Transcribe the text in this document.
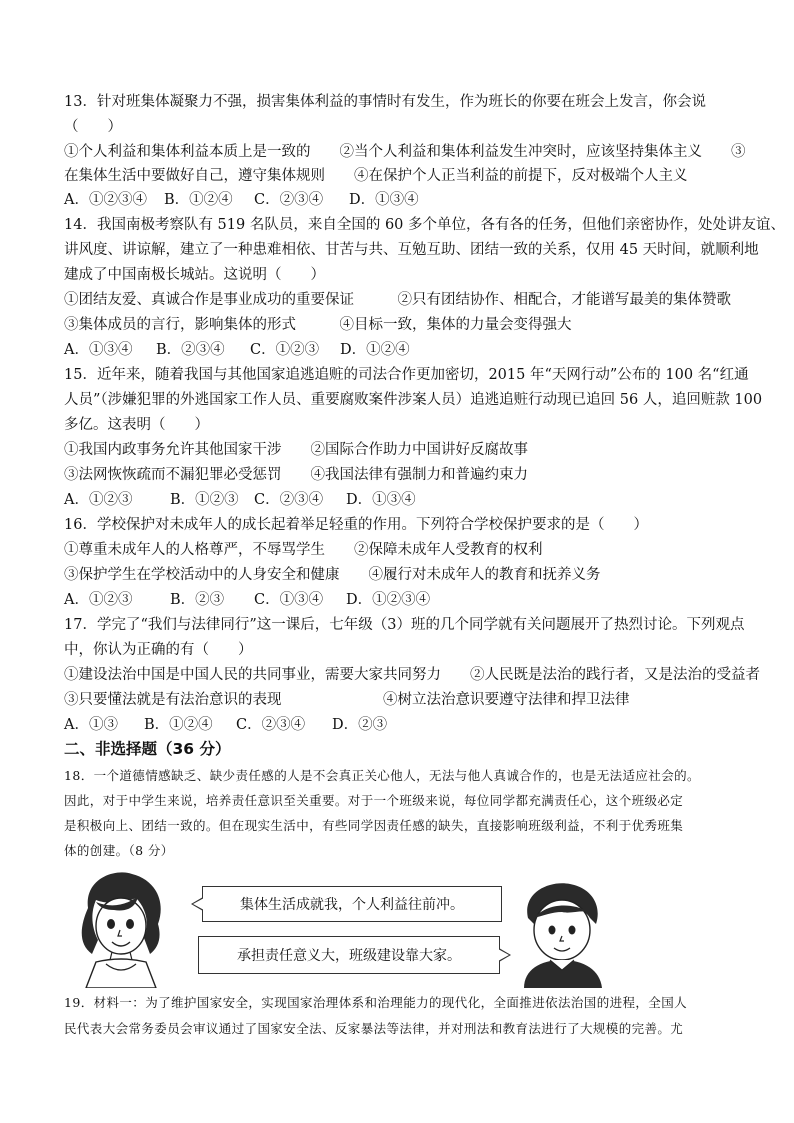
13．针对班集体凝聚力不强，损害集体利益的事情时有发生，作为班长的你要在班会上发言，你会说
（　　）
①个人利益和集体利益本质上是一致的　　②当个人利益和集体利益发生冲突时，应该坚持集体主义　　③
在集体生活中要做好自己，遵守集体规则　　④在保护个人正当利益的前提下，反对极端个人主义
A．①②③④ B．①②④ C．②③④ D．①③④
14．我国南极考察队有 519 名队员，来自全国的 60 多个单位，各有各的任务，但他们亲密协作，处处讲友谊、
讲风度、讲谅解，建立了一种患难相依、甘苦与共、互勉互助、团结一致的关系，仅用 45 天时间，就顺利地
建成了中国南极长城站。这说明（　　）
①团结友爱、真诚合作是事业成功的重要保证　　　②只有团结协作、相配合，才能谱写最美的集体赞歌
③集体成员的言行，影响集体的形式　　　④目标一致，集体的力量会变得强大
A．①③④ B．②③④ C．①②③ D．①②④
15．近年来，随着我国与其他国家追逃追赃的司法合作更加密切，2015 年“天网行动”公布的 100 名“红通
人员”（涉嫌犯罪的外逃国家工作人员、重要腐败案件涉案人员）追逃追赃行动现已追回 56 人，追回赃款 100
多亿。这表明（　　）
①我国内政事务允许其他国家干涉　　②国际合作助力中国讲好反腐故事
③法网恢恢疏而不漏犯罪必受惩罚　　④我国法律有强制力和普遍约束力
A．①②③	B．①②③ C．②③④ D．①③④
16．学校保护对未成年人的成长起着举足轻重的作用。下列符合学校保护要求的是（　　）
①尊重未成年人的人格尊严，不辱骂学生　　②保障未成年人受教育的权利
③保护学生在学校活动中的人身安全和健康　　④履行对未成年人的教育和抚养义务
A．①②③	B．②③ C．①③④ D．①②③④
17．学完了“我们与法律同行”这一课后，七年级（3）班的几个同学就有关问题展开了热烈讨论。下列观点
中，你认为正确的有（　　）
①建设法治中国是中国人民的共同事业，需要大家共同努力　　②人民既是法治的践行者，又是法治的受益者
③只要懂法就是有法治意识的表现　　　　　　　④树立法治意识要遵守法律和捍卫法律
A．①③ B．①②④ C．②③④ D．②③
二、非选择题（36 分）
18．一个道德情感缺乏、缺少责任感的人是不会真正关心他人，无法与他人真诚合作的，也是无法适应社会的。
因此，对于中学生来说，培养责任意识至关重要。对于一个班级来说，每位同学都充满责任心，这个班级必定
是积极向上、团结一致的。但在现实生活中，有些同学因责任感的缺失，直接影响班级利益，不利于优秀班集
体的创建。（8 分）
集体生活成就我，个人利益往前冲。
承担责任意义大，班级建设靠大家。
19．材料一：为了维护国家安全，实现国家治理体系和治理能力的现代化，全面推进依法治国的进程，全国人
民代表大会常务委员会审议通过了国家安全法、反家暴法等法律，并对刑法和教育法进行了大规模的完善。尤
